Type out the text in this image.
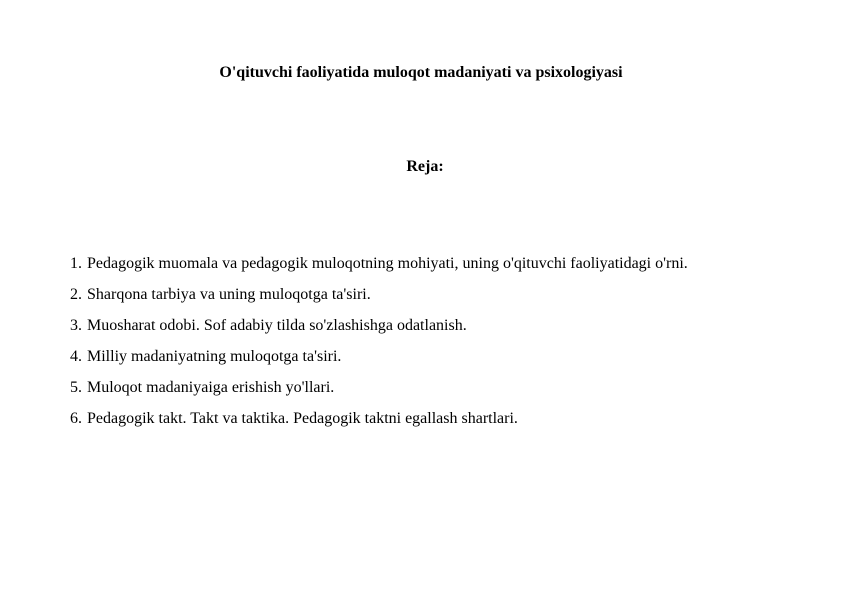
O'qituvchi faoliyatida muloqot madaniyati va psixologiyasi
Reja:
1. Pedagogik muomala va pedagogik muloqotning mohiyati, uning o'qituvchi faoliyatidagi o'rni.
2. Sharqona tarbiya va uning muloqotga ta'siri.
3. Muosharat odobi. Sof adabiy tilda so'zlashishga odatlanish.
4. Milliy madaniyatning muloqotga ta'siri.
5. Muloqot madaniyaiga erishish yo'llari.
6. Pedagogik takt. Takt va taktika. Pedagogik taktni egallash shartlari.
